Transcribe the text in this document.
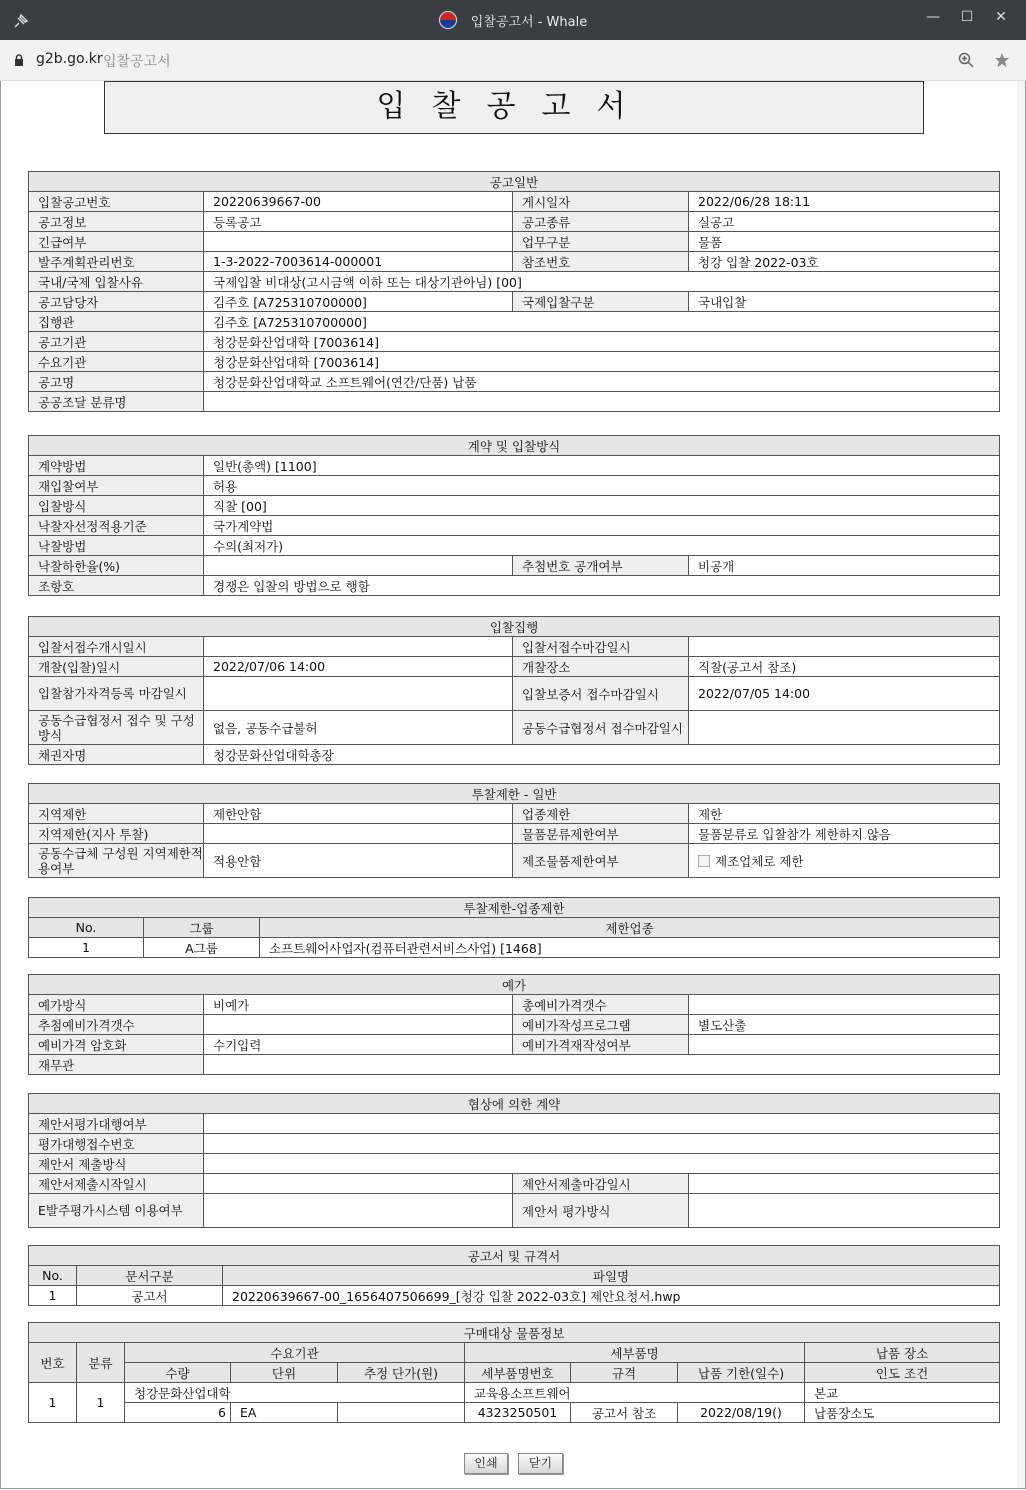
입찰공고서 - Whale	— ☐ ✕
g2b.go.kr 입찰공고서
입찰공고서
공고일반			
입찰공고번호	20220639667-00	게시일자	2022/06/28 18:11
공고정보	등록공고	공고종류	실공고
긴급여부		업무구분	물품
발주계획관리번호	1-3-2022-7003614-000001	참조번호	청강 입찰 2022-03호
국내/국제 입찰사유	국제입찰 비대상(고시금액 이하 또는 대상기관아님) [00]		
공고담당자	김주호 [A725310700000]	국제입찰구분	국내입찰
집행관	김주호 [A725310700000]		
공고기관	청강문화산업대학 [7003614]		
수요기관	청강문화산업대학 [7003614]		
공고명	청강문화산업대학교 소프트웨어(연간/단품) 납품		
공공조달 분류명			
계약 및 입찰방식			
계약방법	일반(총액) [1100]		
재입찰여부	허용		
입찰방식	직찰 [00]		
낙찰자선정적용기준	국가계약법		
낙찰방법	수의(최저가)		
낙찰하한율(%)		추첨번호 공개여부	비공개
조항호	경쟁은 입찰의 방법으로 행함		
입찰집행			
입찰서접수개시일시		입찰서접수마감일시	
개찰(입찰)일시	2022/07/06 14:00	개찰장소	직찰(공고서 참조)
입찰참가자격등록 마감일시		입찰보증서 접수마감일시	2022/07/05 14:00
공동수급협정서 접수 및 구성방식	없음, 공동수급불허	공동수급협정서 접수마감일시	
채권자명	청강문화산업대학총장		
투찰제한 - 일반			
지역제한	제한안함	업종제한	제한
지역제한(지사 투찰)		물품분류제한여부	물품분류로 입찰참가 제한하지 않음
공동수급체 구성원 지역제한적용여부	적용안함	제조물품제한여부	제조업체로 제한
투찰제한-업종제한		
No.	그룹	제한업종
1	A그룹	소프트웨어사업자(컴퓨터관련서비스사업) [1468]
예가			
예가방식	비예가	총예비가격갯수	
추첨예비가격갯수		예비가작성프로그램	별도산출
예비가격 암호화	수기입력	예비가격재작성여부	
재무관			
협상에 의한 계약			
제안서평가대행여부			
평가대행접수번호			
제안서 제출방식			
제안서제출시작일시		제안서제출마감일시	
E발주평가시스템 이용여부		제안서 평가방식	
공고서 및 규격서		
No.	문서구분	파일명
1	공고서	20220639667-00_1656407506699_[청강 입찰 2022-03호] 제안요청서.hwp
구매대상 물품정보								
번호	분류	수요기관			세부품명			납품 장소
		수량	단위	추정 단가(원)	세부품명번호	규격	납품 기한(일수)	인도 조건
1	1	청강문화산업대학			교육용소프트웨어			본교
		6	EA		4323250501	공고서 참조	2022/08/19()	납품장소도
인쇄	닫기
